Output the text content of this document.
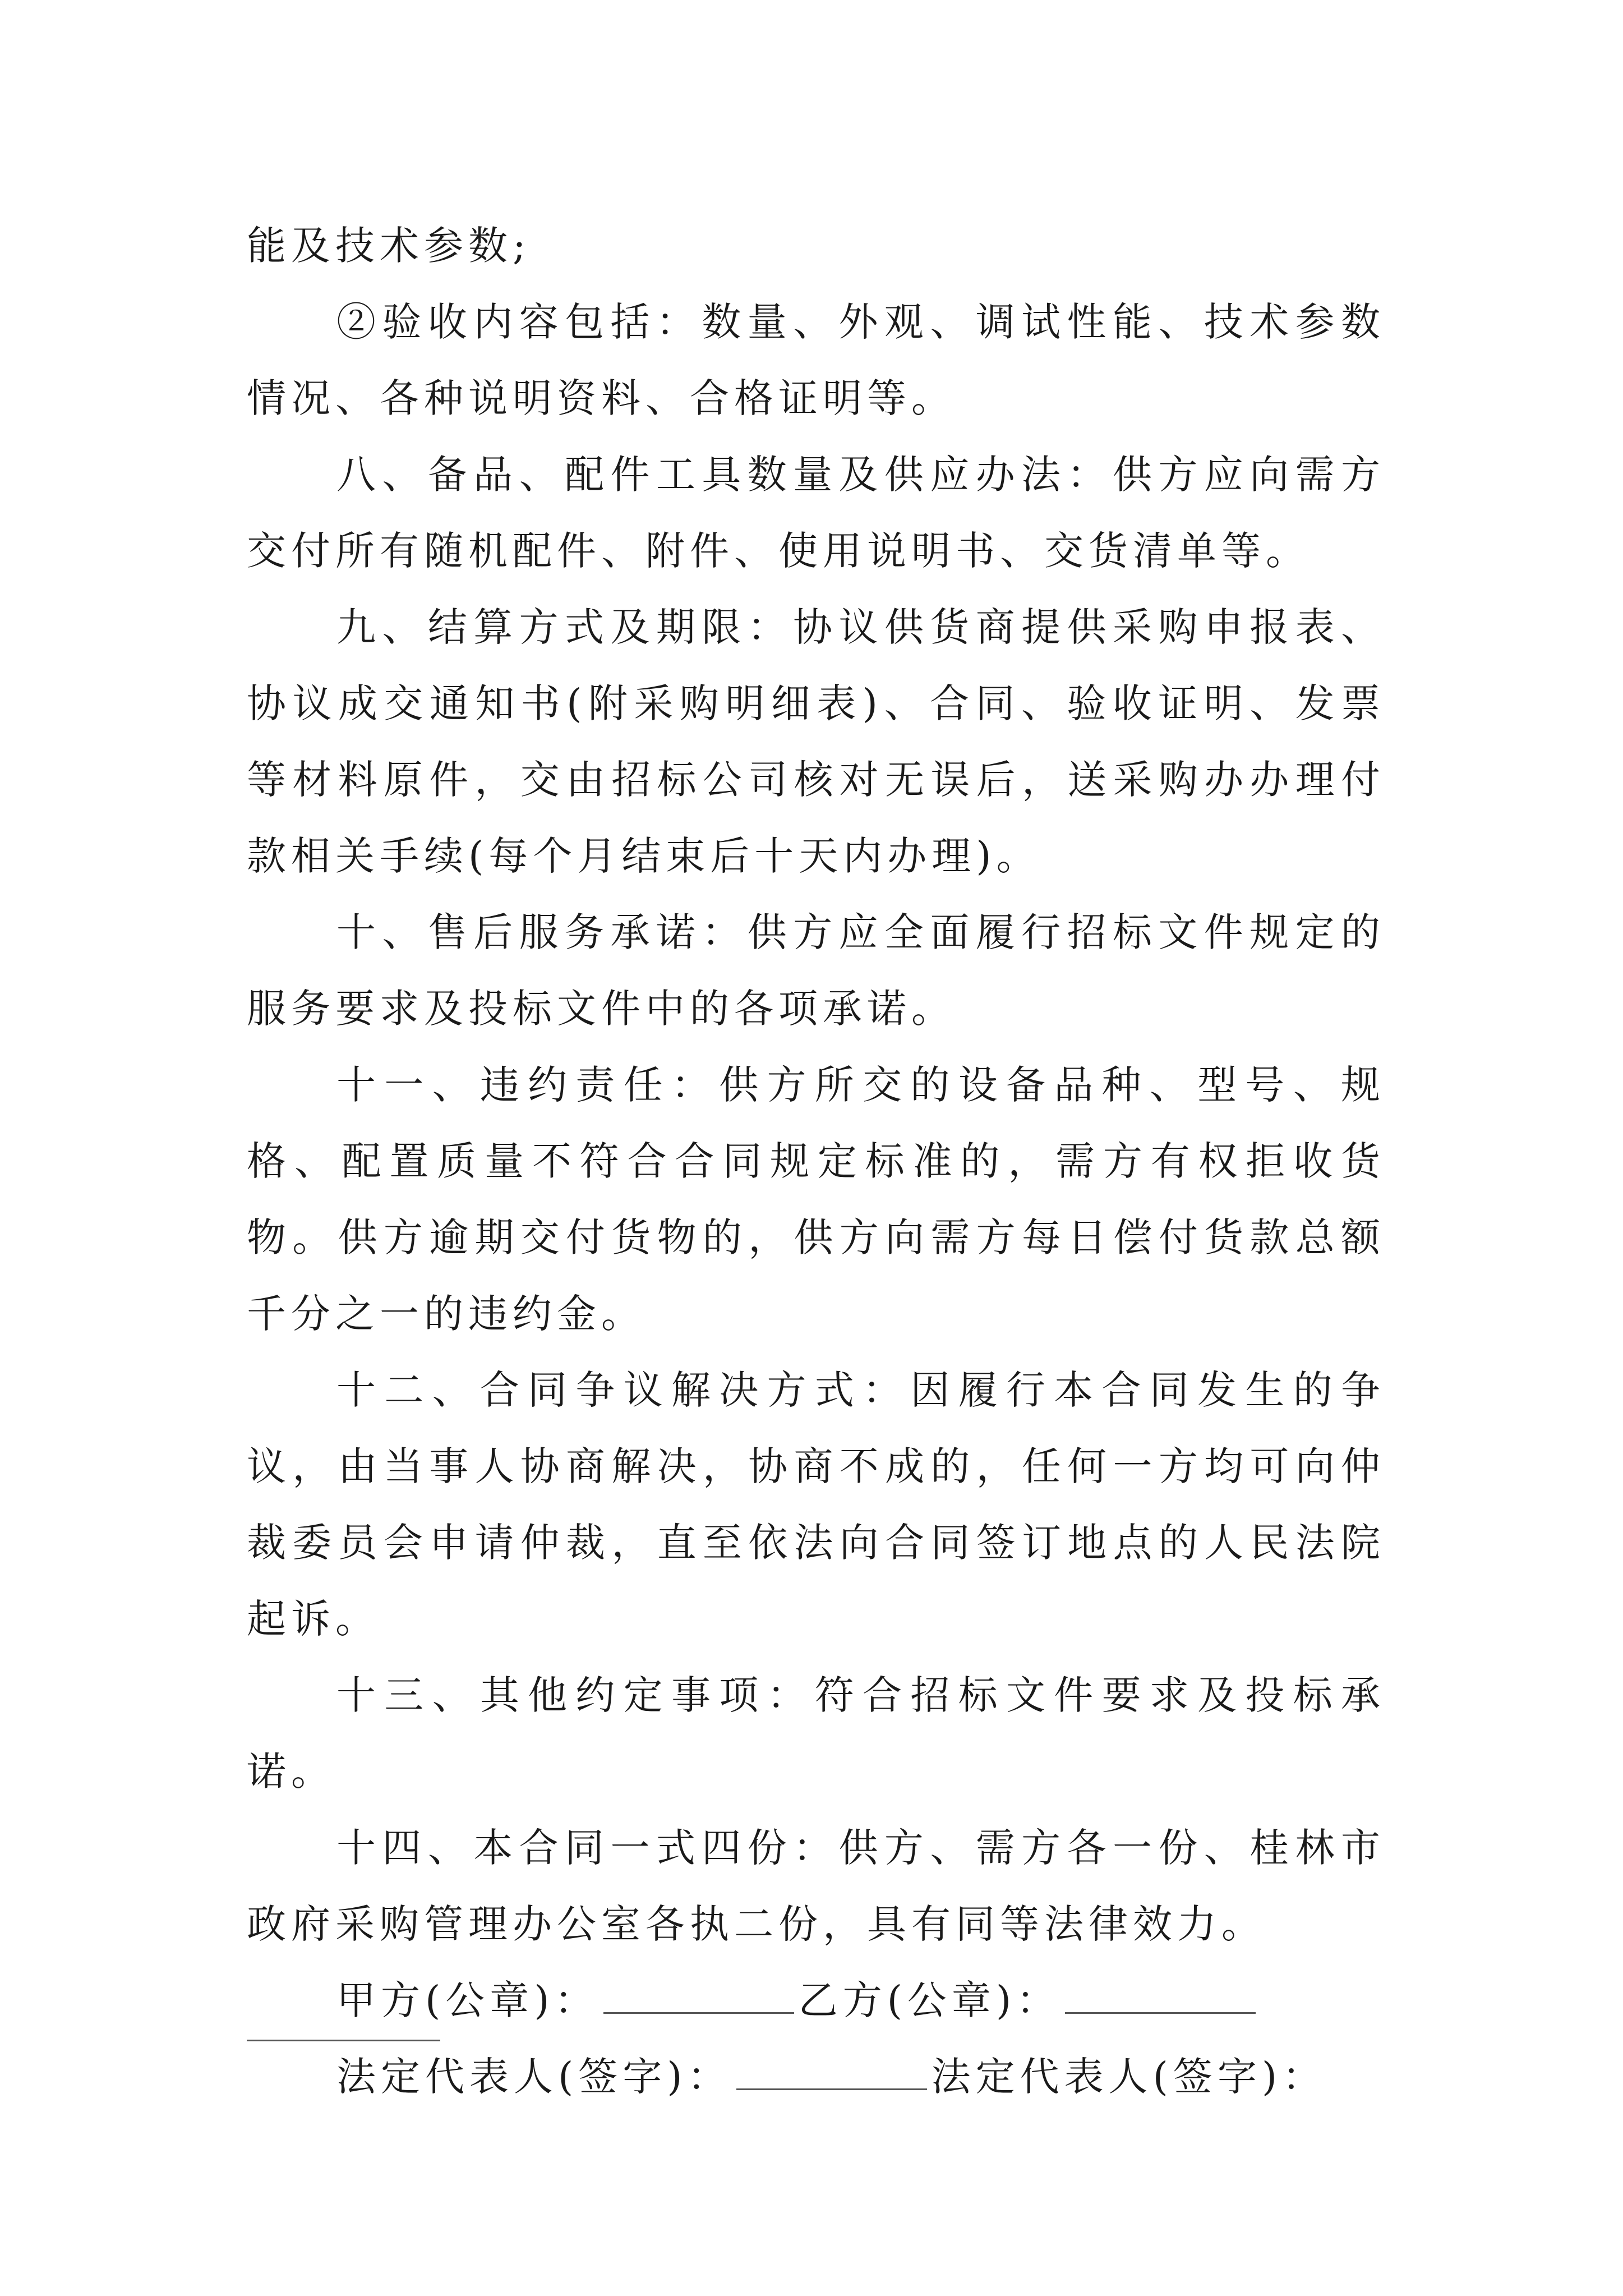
能及技术参数;

②验收内容包括：数量、外观、调试性能、技术参数情况、各种说明资料、合格证明等。

八、备品、配件工具数量及供应办法：供方应向需方交付所有随机配件、附件、使用说明书、交货清单等。

九、结算方式及期限：协议供货商提供采购申报表、协议成交通知书(附采购明细表)、合同、验收证明、发票等材料原件，交由招标公司核对无误后，送采购办办理付款相关手续(每个月结束后十天内办理)。

十、售后服务承诺：供方应全面履行招标文件规定的服务要求及投标文件中的各项承诺。

十一、违约责任：供方所交的设备品种、型号、规格、配置质量不符合合同规定标准的，需方有权拒收货物。供方逾期交付货物的，供方向需方每日偿付货款总额千分之一的违约金。

十二、合同争议解决方式：因履行本合同发生的争议，由当事人协商解决，协商不成的，任何一方均可向仲裁委员会申请仲裁，直至依法向合同签订地点的人民法院起诉。

十三、其他约定事项：符合招标文件要求及投标承诺。

十四、本合同一式四份：供方、需方各一份、桂林市政府采购管理办公室各执二份，具有同等法律效力。

甲方(公章)：	乙方(公章)：

法定代表人(签字)：	法定代表人(签字)：
